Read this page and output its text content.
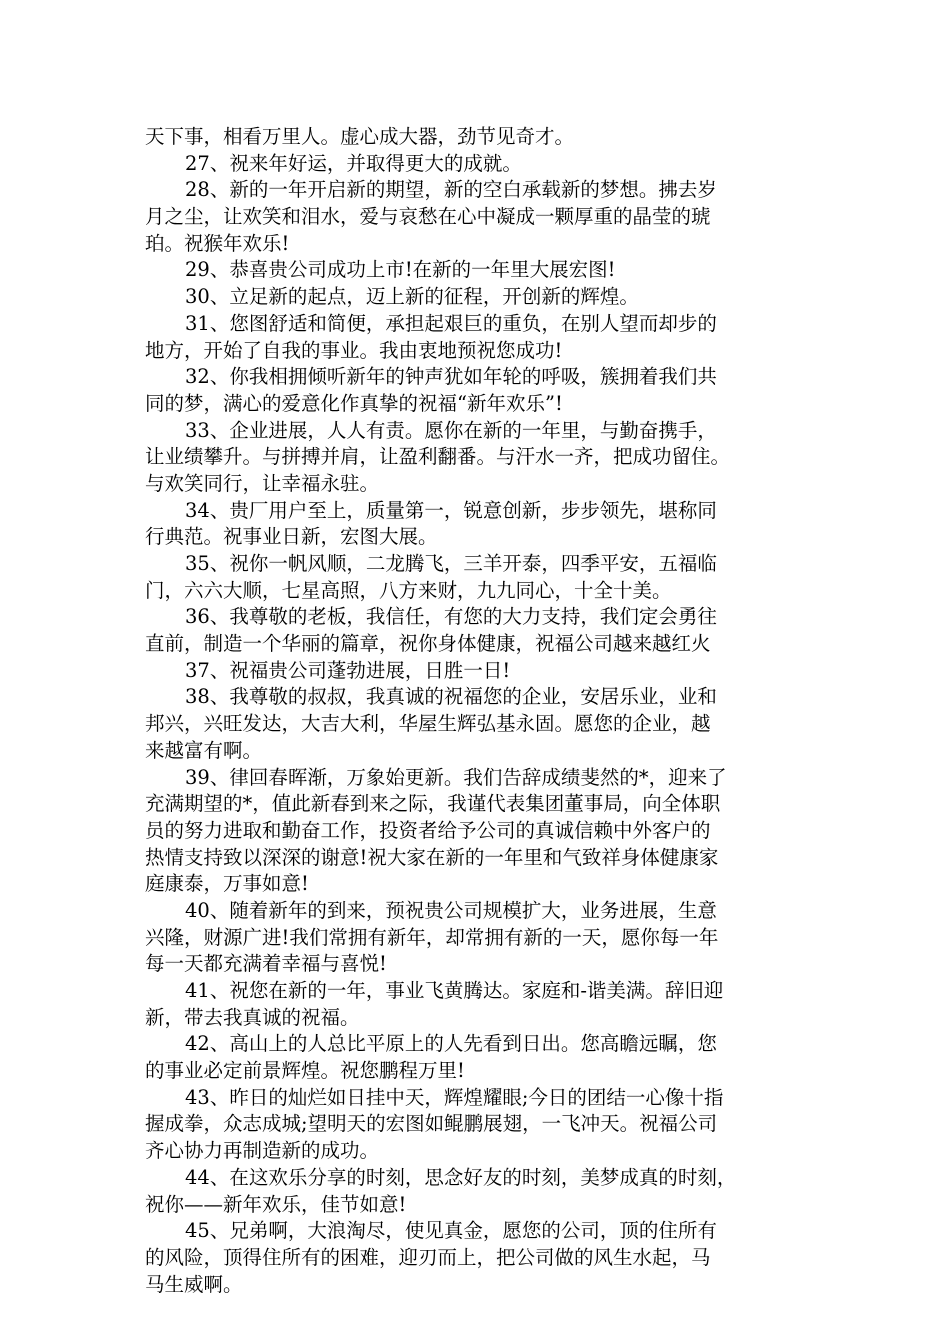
天下事，相看万里人。虚心成大器，劲节见奇才。
27、祝来年好运，并取得更大的成就。
28、新的一年开启新的期望，新的空白承载新的梦想。拂去岁
月之尘，让欢笑和泪水，爱与哀愁在心中凝成一颗厚重的晶莹的琥
珀。祝猴年欢乐!
29、恭喜贵公司成功上市!在新的一年里大展宏图!
30、立足新的起点，迈上新的征程，开创新的辉煌。
31、您图舒适和简便，承担起艰巨的重负，在别人望而却步的
地方，开始了自我的事业。我由衷地预祝您成功!
32、你我相拥倾听新年的钟声犹如年轮的呼吸，簇拥着我们共
同的梦，满心的爱意化作真挚的祝福“新年欢乐”!
33、企业进展，人人有责。愿你在新的一年里，与勤奋携手，
让业绩攀升。与拼搏并肩，让盈利翻番。与汗水一齐，把成功留住。
与欢笑同行，让幸福永驻。
34、贵厂用户至上，质量第一，锐意创新，步步领先，堪称同
行典范。祝事业日新，宏图大展。
35、祝你一帆风顺，二龙腾飞，三羊开泰，四季平安，五福临
门，六六大顺，七星高照，八方来财，九九同心，十全十美。
36、我尊敬的老板，我信任，有您的大力支持，我们定会勇往
直前，制造一个华丽的篇章，祝你身体健康，祝福公司越来越红火
37、祝福贵公司蓬勃进展，日胜一日!
38、我尊敬的叔叔，我真诚的祝福您的企业，安居乐业，业和
邦兴，兴旺发达，大吉大利，华屋生辉弘基永固。愿您的企业，越
来越富有啊。
39、律回春晖渐，万象始更新。我们告辞成绩斐然的*，迎来了
充满期望的*，值此新春到来之际，我谨代表集团董事局，向全体职
员的努力进取和勤奋工作，投资者给予公司的真诚信赖中外客户的
热情支持致以深深的谢意!祝大家在新的一年里和气致祥身体健康家
庭康泰，万事如意!
40、随着新年的到来，预祝贵公司规模扩大，业务进展，生意
兴隆，财源广进!我们常拥有新年，却常拥有新的一天，愿你每一年
每一天都充满着幸福与喜悦!
41、祝您在新的一年，事业飞黄腾达。家庭和-谐美满。辞旧迎
新，带去我真诚的祝福。
42、高山上的人总比平原上的人先看到日出。您高瞻远瞩，您
的事业必定前景辉煌。祝您鹏程万里!
43、昨日的灿烂如日挂中天，辉煌耀眼;今日的团结一心像十指
握成拳，众志成城;望明天的宏图如鲲鹏展翅，一飞冲天。祝福公司
齐心协力再制造新的成功。
44、在这欢乐分享的时刻，思念好友的时刻，美梦成真的时刻，
祝你——新年欢乐，佳节如意!
45、兄弟啊，大浪淘尽，使见真金，愿您的公司，顶的住所有
的风险，顶得住所有的困难，迎刃而上，把公司做的风生水起，马
马生威啊。
